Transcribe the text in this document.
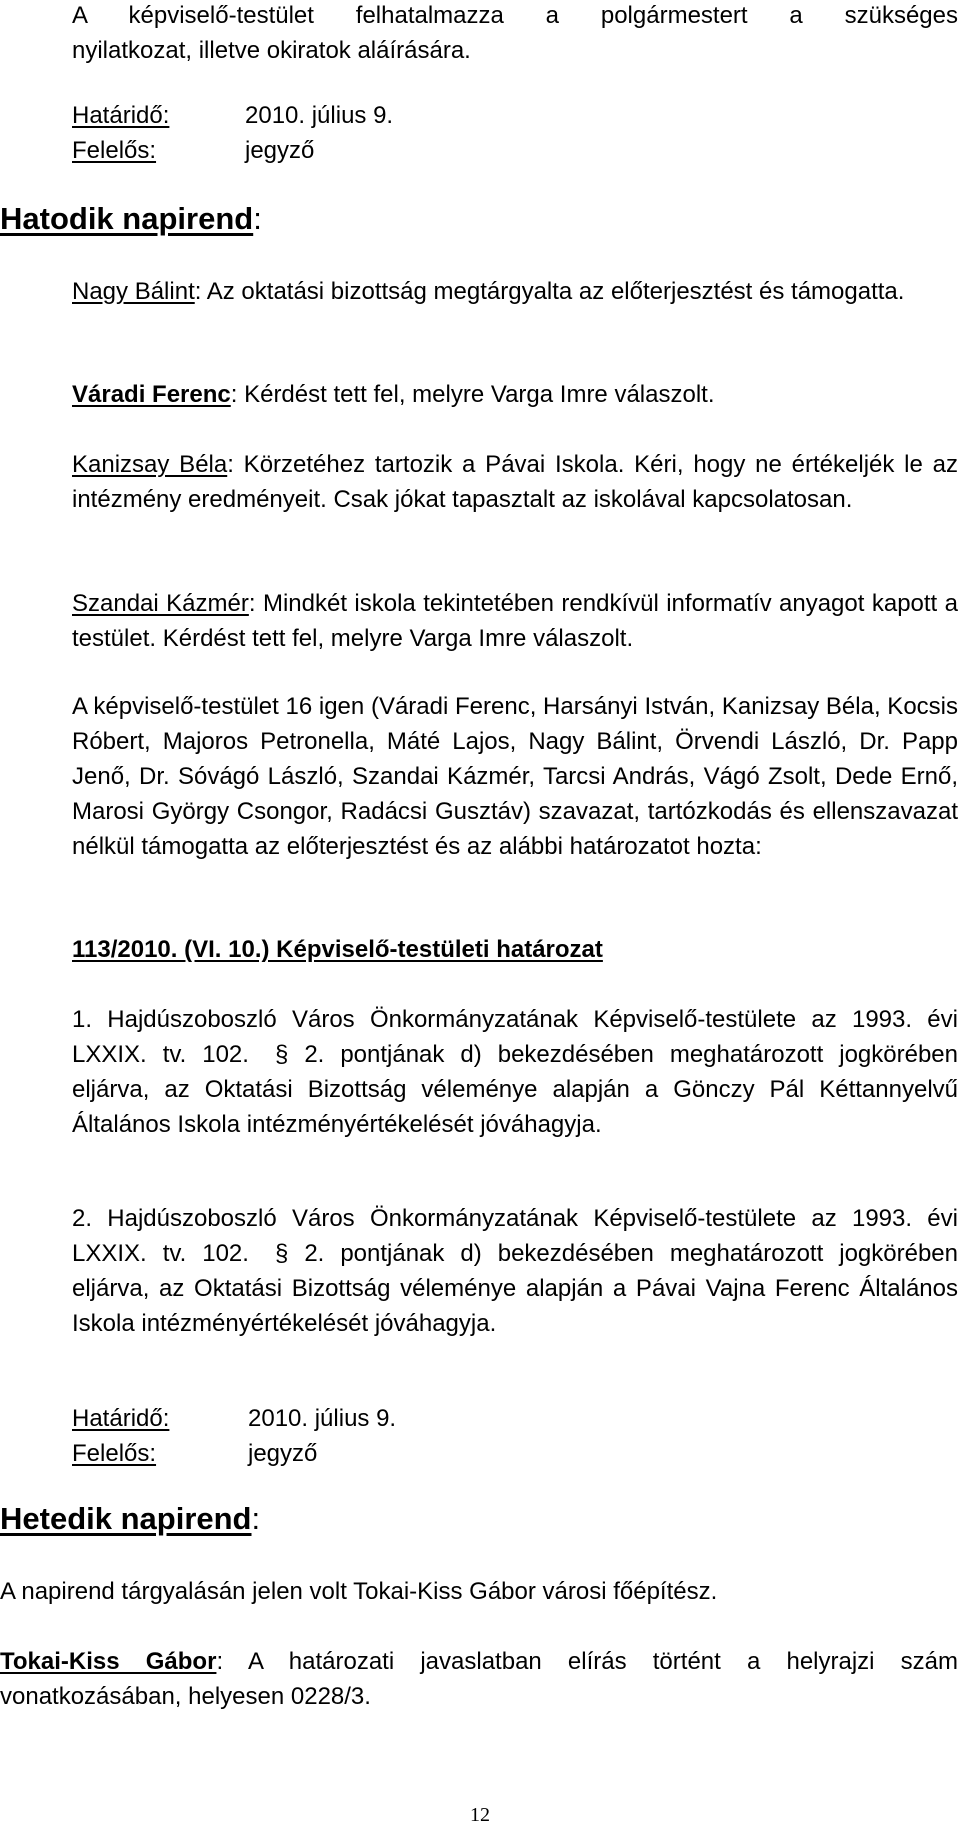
A képviselő-testület felhatalmazza a polgármestert a szükséges
nyilatkozat, illetve okiratok aláírására.

Határidő:	2010. július 9.
Felelős:	jegyző

Hatodik napirend:

Nagy Bálint: Az oktatási bizottság megtárgyalta az előterjesztést és támogatta.

Váradi Ferenc: Kérdést tett fel, melyre Varga Imre válaszolt.

Kanizsay Béla: Körzetéhez tartozik a Pávai Iskola. Kéri, hogy ne értékeljék le az intézmény eredményeit. Csak jókat tapasztalt az iskolával kapcsolatosan.

Szandai Kázmér: Mindkét iskola tekintetében rendkívül informatív anyagot kapott a testület. Kérdést tett fel, melyre Varga Imre válaszolt.

A képviselő-testület 16 igen (Váradi Ferenc, Harsányi István, Kanizsay Béla, Kocsis Róbert, Majoros Petronella, Máté Lajos, Nagy Bálint, Örvendi László, Dr. Papp Jenő, Dr. Sóvágó László, Szandai Kázmér, Tarcsi András, Vágó Zsolt, Dede Ernő, Marosi György Csongor, Radácsi Gusztáv) szavazat, tartózkodás és ellenszavazat nélkül támogatta az előterjesztést és az alábbi határozatot hozta:

113/2010. (VI. 10.) Képviselő-testületi határozat

1. Hajdúszoboszló Város Önkormányzatának Képviselő-testülete az 1993. évi LXXIX. tv. 102. § 2. pontjának d) bekezdésében meghatározott jogkörében eljárva, az Oktatási Bizottság véleménye alapján a Gönczy Pál Kéttannyelvű Általános Iskola intézményértékelését jóváhagyja.

2. Hajdúszoboszló Város Önkormányzatának Képviselő-testülete az 1993. évi LXXIX. tv. 102. § 2. pontjának d) bekezdésében meghatározott jogkörében eljárva, az Oktatási Bizottság véleménye alapján a Pávai Vajna Ferenc Általános Iskola intézményértékelését jóváhagyja.

Határidő:	2010. július 9.
Felelős:	jegyző

Hetedik napirend:

A napirend tárgyalásán jelen volt Tokai-Kiss Gábor városi főépítész.

Tokai-Kiss Gábor: A határozati javaslatban elírás történt a helyrajzi szám vonatkozásában, helyesen 0228/3.

12
